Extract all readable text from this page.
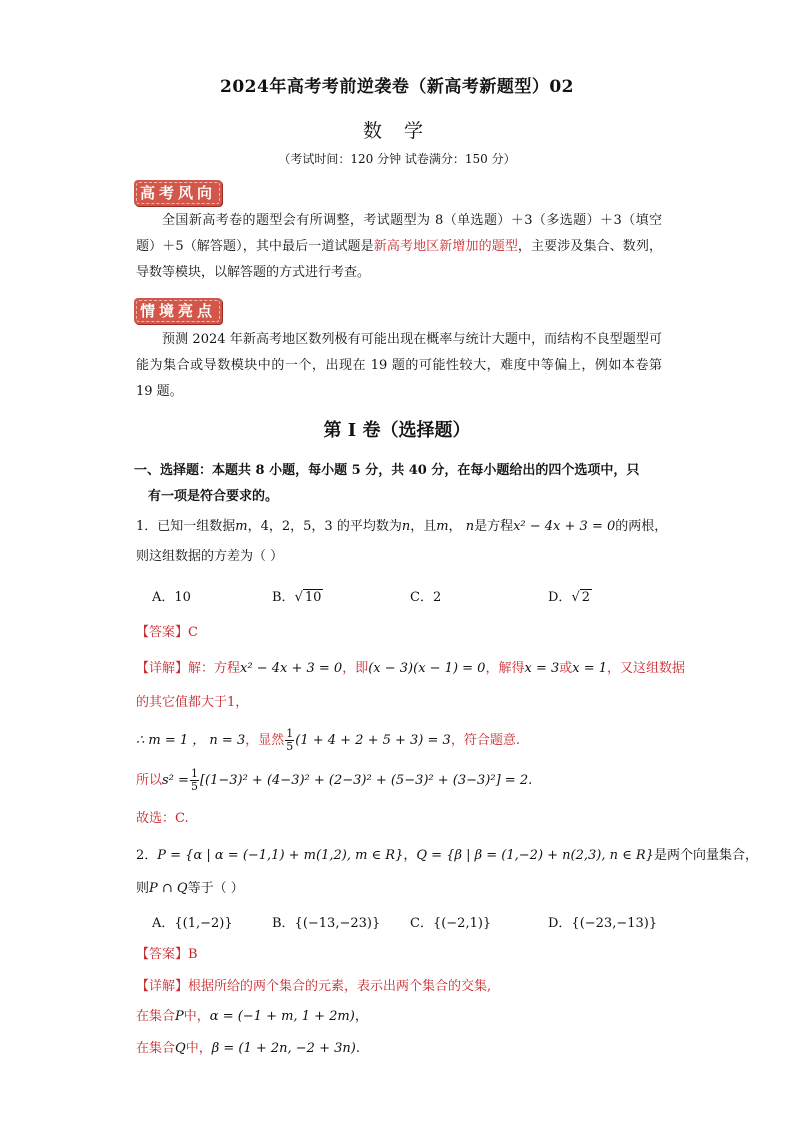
2024年高考考前逆袭卷（新高考新题型）02
数 学
（考试时间：120 分钟 试卷满分：150 分）
高考风向

全国新高考卷的题型会有所调整，考试题型为 8（单选题）＋3（多选题）＋3（填空题）＋5（解答题），其中最后一道试题是新高考地区新增加的题型，主要涉及集合、数列，导数等模块，以解答题的方式进行考查。

情境亮点

预测 2024 年新高考地区数列极有可能出现在概率与统计大题中，而结构不良型题型可能为集合或导数模块中的一个，出现在 19 题的可能性较大，难度中等偏上，例如本卷第 19 题。

第 I 卷（选择题）
一、选择题：本题共 8 小题，每小题 5 分，共 40 分，在每小题给出的四个选项中，只
有一项是符合要求的。
1．已知一组数据m，4，2，5，3 的平均数为n，且m， n是方程x² − 4x + 3 = 0的两根，
则这组数据的方差为（ ）
A．10	B．√ 10	C．2	D．√ 2
【答案】C
【详解】解：方程x² − 4x + 3 = 0，即(x − 3)(x − 1) = 0，解得x = 3或x = 1，又这组数据
的其它值都大于1，
∴ m = 1 ， n = 3，显然 $\frac{1}{5} (1 + 4 + 2 + 5 + 3) = 3$，符合题意.
所以$s^2 = \frac{1}{5} [(1-3)^2 + (4-3)^2 + (2-3)^2 + (5-3)^2 + (3-3)^2] = 2$.
故选：C.
2．P = {α | α = (−1,1) + m(1,2), m ∈ R}，Q = {β | β = (1,−2) + n(2,3), n ∈ R}是两个向量集合，
则P ∩ Q等于（ ）
A．{(1,−2)}	B．{(−13,−23)} C．{(−2,1)}	D．{(−23,−13)}
【答案】B
【详解】根据所给的两个集合的元素，表示出两个集合的交集,
在集合P中，α = (−1 + m, 1 + 2m)，
在集合Q中，β = (1 + 2n, −2 + 3n).
